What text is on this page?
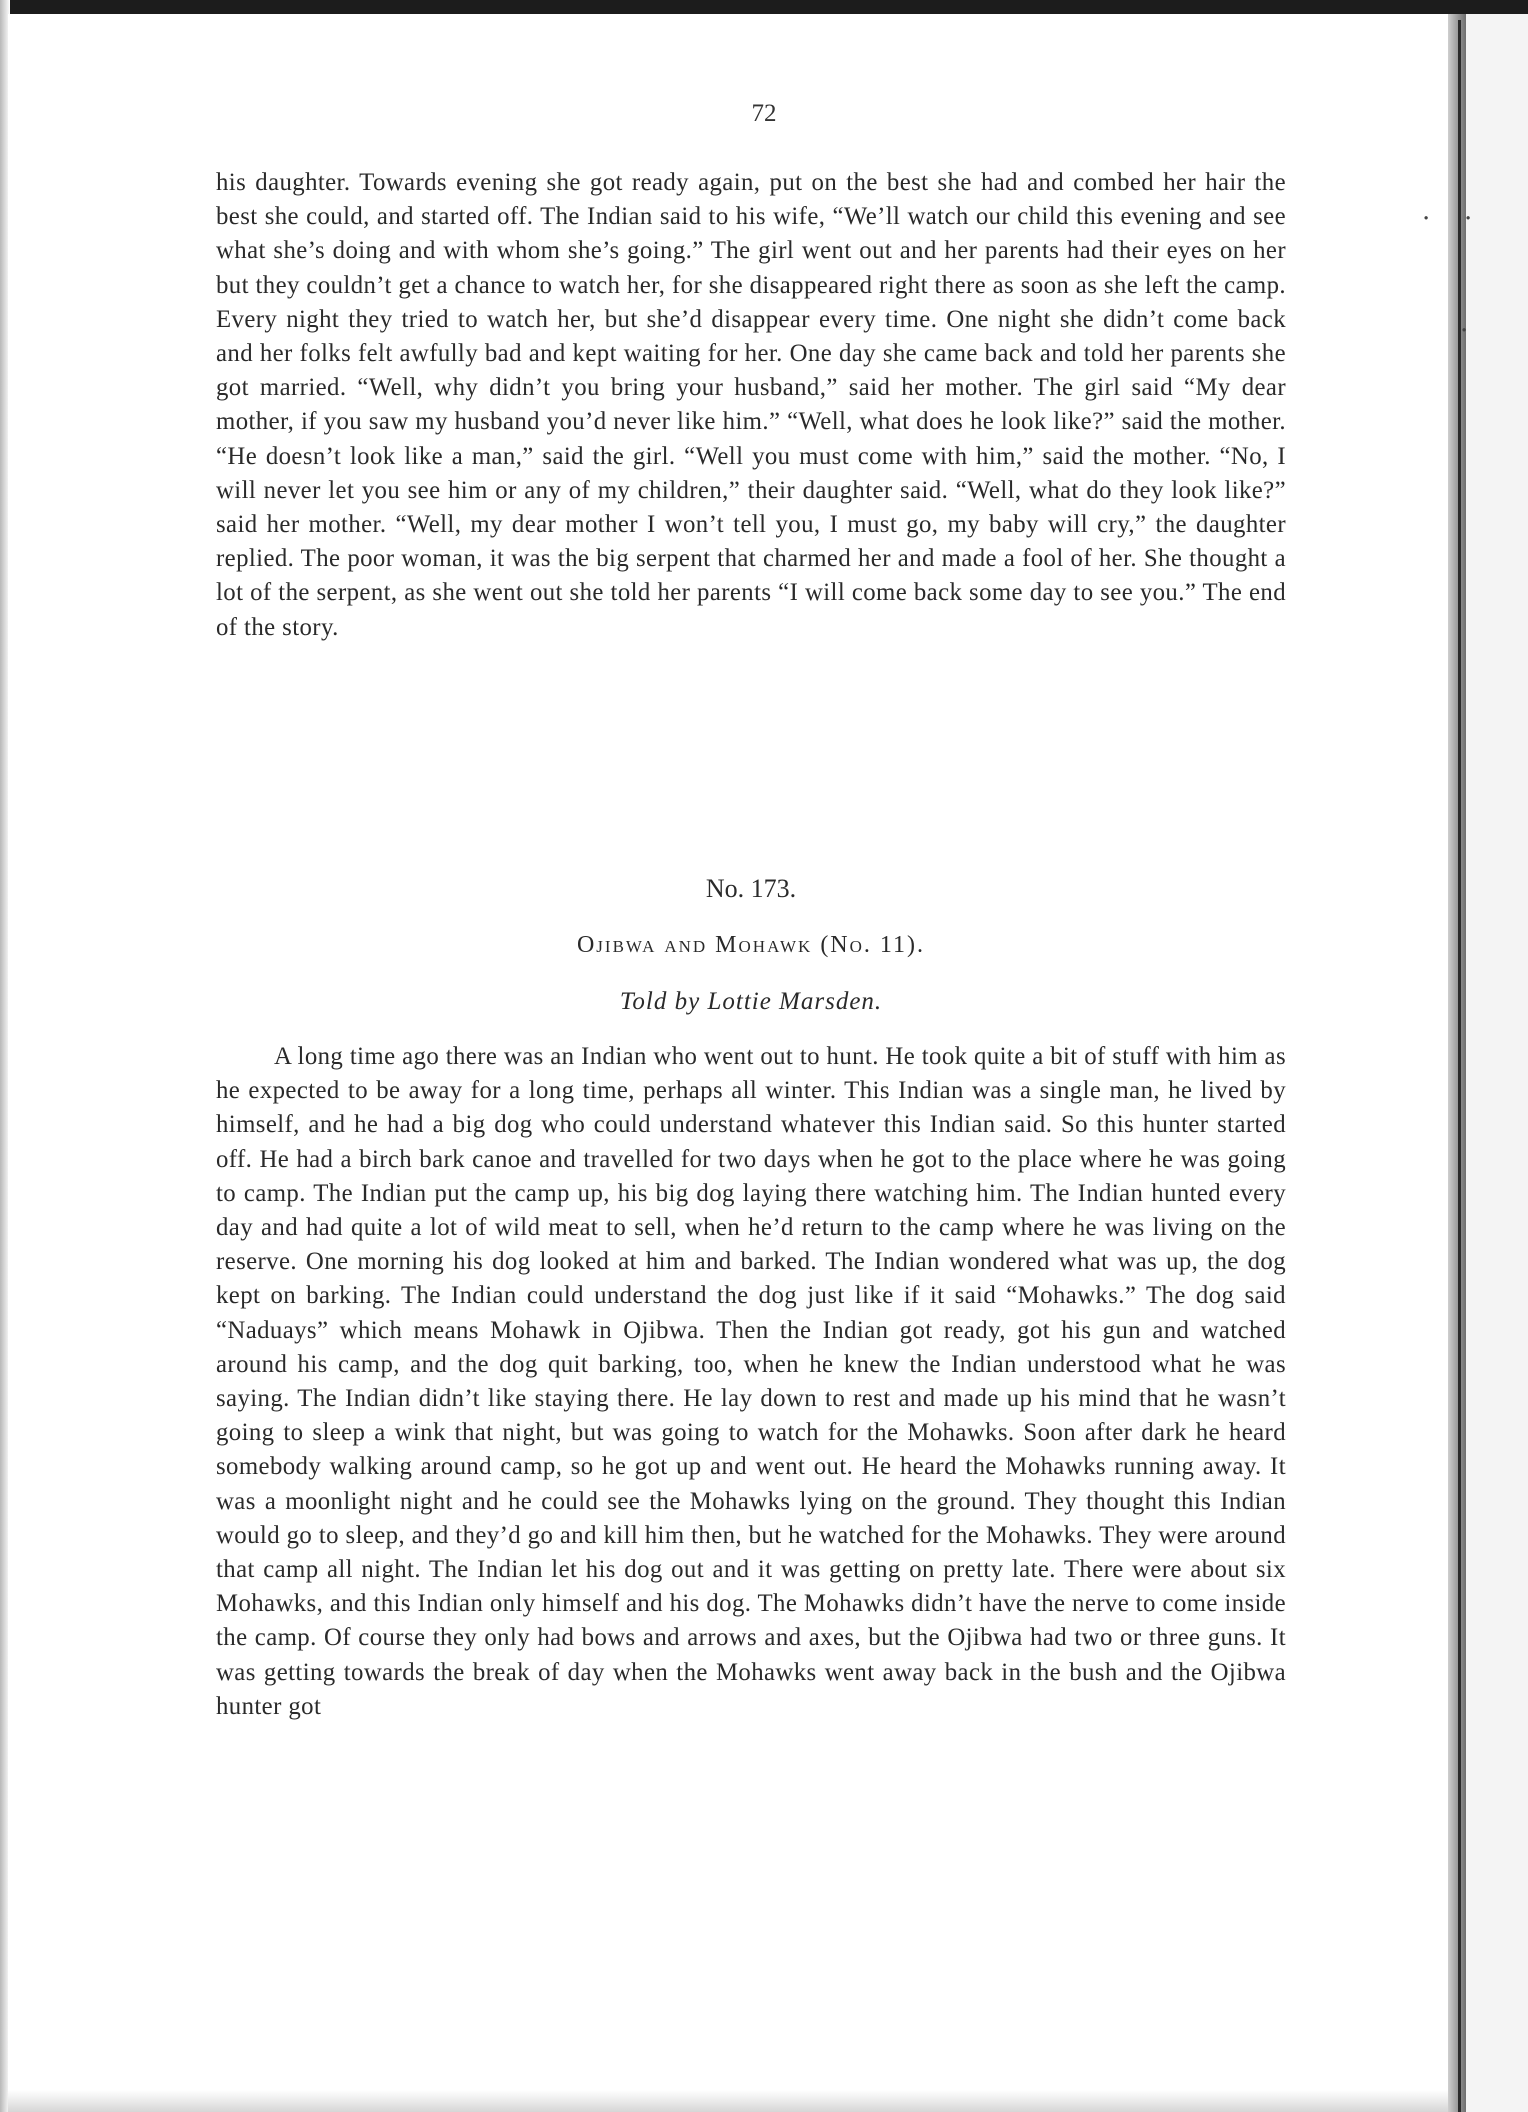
· ·
·
72
his daughter. Towards evening she got ready again, put on the best she had and combed her hair the best she could, and started off. The Indian said to his wife, “We’ll watch our child this evening and see what she’s doing and with whom she’s going.” The girl went out and her parents had their eyes on her but they couldn’t get a chance to watch her, for she disappeared right there as soon as she left the camp. Every night they tried to watch her, but she’d disappear every time. One night she didn’t come back and her folks felt awfully bad and kept waiting for her. One day she came back and told her parents she got married. “Well, why didn’t you bring your husband,” said her mother. The girl said “My dear mother, if you saw my husband you’d never like him.” “Well, what does he look like?” said the mother. “He doesn’t look like a man,” said the girl. “Well you must come with him,” said the mother. “No, I will never let you see him or any of my children,” their daughter said. “Well, what do they look like?” said her mother. “Well, my dear mother I won’t tell you, I must go, my baby will cry,” the daughter replied. The poor woman, it was the big serpent that charmed her and made a fool of her. She thought a lot of the serpent, as she went out she told her parents “I will come back some day to see you.” The end of the story.
No. 173.
Ojibwa and Mohawk (No. 11).
Told by Lottie Marsden.
A long time ago there was an Indian who went out to hunt. He took quite a bit of stuff with him as he expected to be away for a long time, perhaps all winter. This Indian was a single man, he lived by himself, and he had a big dog who could understand whatever this Indian said. So this hunter started off. He had a birch bark canoe and travelled for two days when he got to the place where he was going to camp. The Indian put the camp up, his big dog laying there watching him. The Indian hunted every day and had quite a lot of wild meat to sell, when he’d return to the camp where he was living on the reserve. One morning his dog looked at him and barked. The Indian wondered what was up, the dog kept on barking. The Indian could understand the dog just like if it said “Mohawks.” The dog said “Naduays” which means Mohawk in Ojibwa. Then the Indian got ready, got his gun and watched around his camp, and the dog quit barking, too, when he knew the Indian understood what he was saying. The Indian didn’t like staying there. He lay down to rest and made up his mind that he wasn’t going to sleep a wink that night, but was going to watch for the Mohawks. Soon after dark he heard somebody walking around camp, so he got up and went out. He heard the Mohawks running away. It was a moonlight night and he could see the Mohawks lying on the ground. They thought this Indian would go to sleep, and they’d go and kill him then, but he watched for the Mohawks. They were around that camp all night. The Indian let his dog out and it was getting on pretty late. There were about six Mohawks, and this Indian only himself and his dog. The Mohawks didn’t have the nerve to come inside the camp. Of course they only had bows and arrows and axes, but the Ojibwa had two or three guns. It was getting towards the break of day when the Mohawks went away back in the bush and the Ojibwa hunter got
